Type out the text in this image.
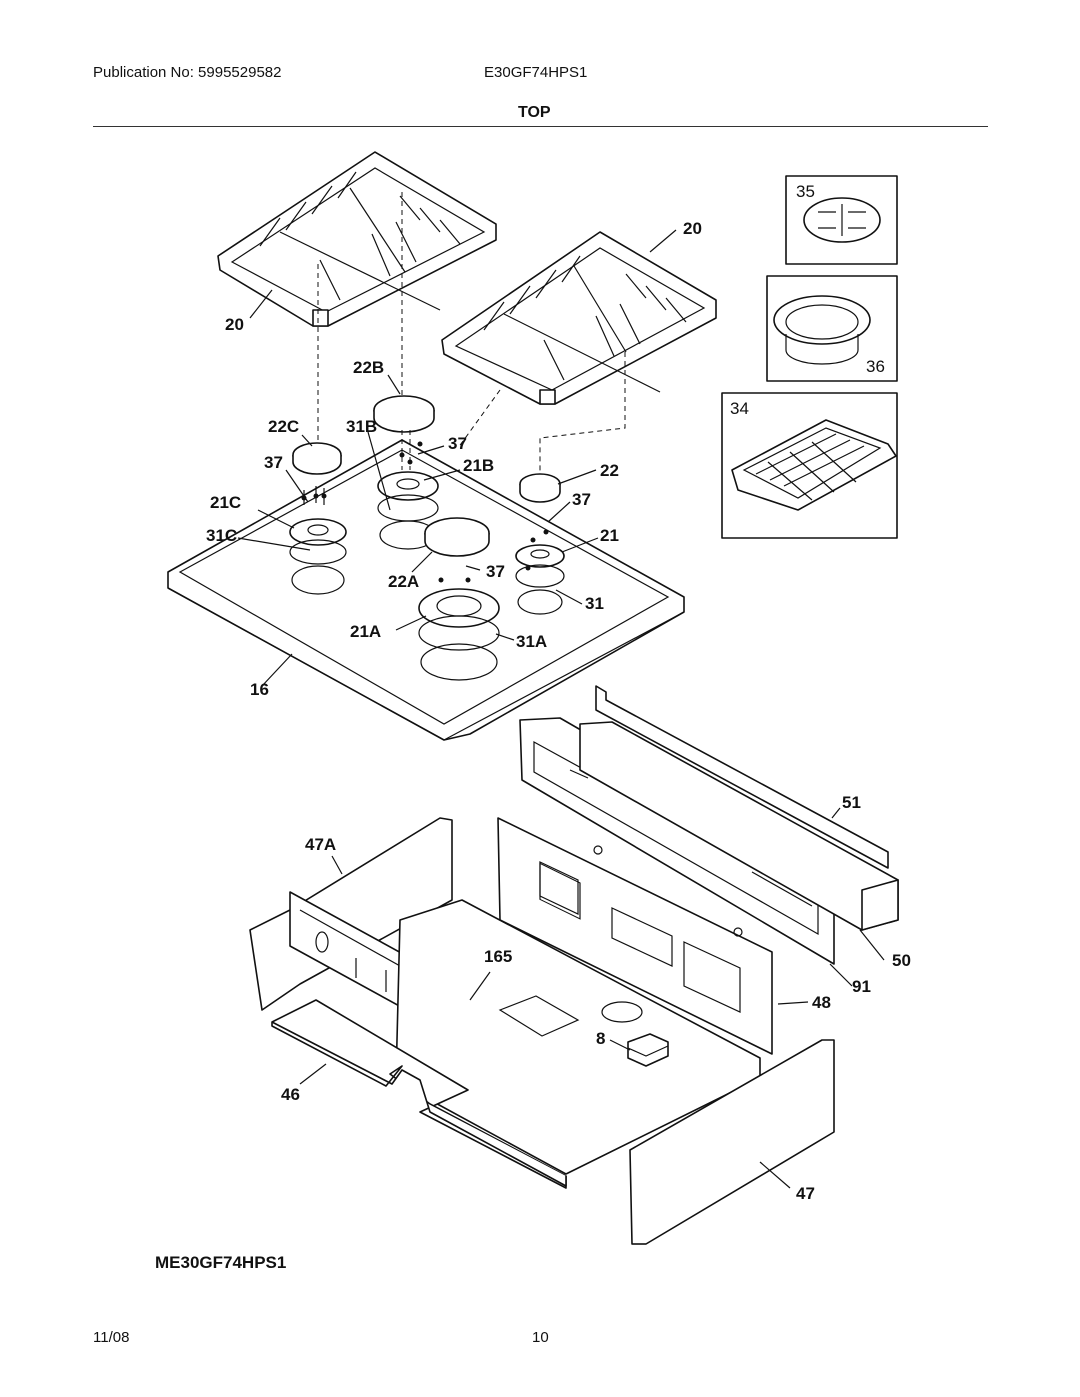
Publication No: 5995529582	E30GF74HPS1
TOP
20
20
22B
22C	31B
37
37	21B	22
21C	37
31C	21
22A
37
31
21A
31A
16
35
36
34
51
47A
50
91
48
165
8
46
47
ME30GF74HPS1
11/08	10
